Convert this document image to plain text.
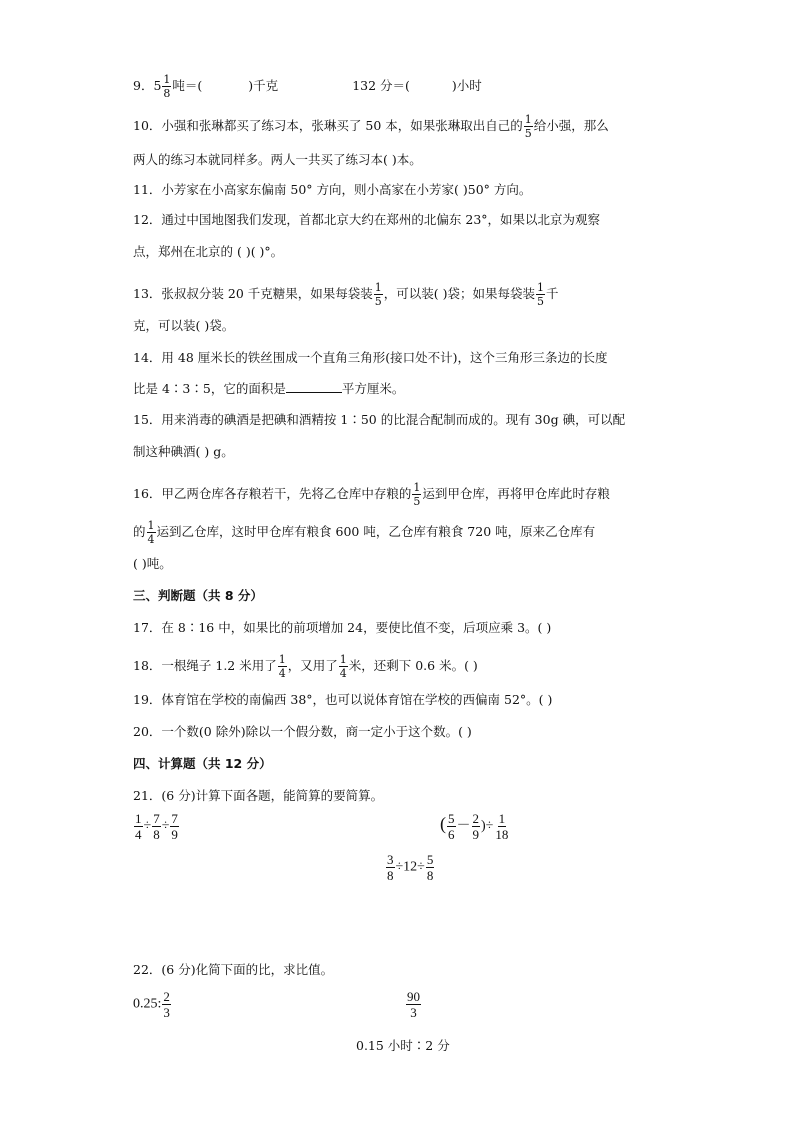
9．$5 \frac{1}{8}$ 吨＝(	)千克	132 分＝(	)小时
10．小强和张琳都买了练习本，张琳买了 50 本，如果张琳取出自己的 $\frac{1}{5}$ 给小强，那么
两人的练习本就同样多。两人一共买了练习本( )本。
11．小芳家在小高家东偏南 50° 方向，则小高家在小芳家( )50° 方向。
12．通过中国地图我们发现，首都北京大约在郑州的北偏东 23°，如果以北京为观察
点，郑州在北京的 ( )( )°。
13．张叔叔分装 20 千克糖果，如果每袋装 $\frac{1}{5}$ ，可以装( )袋；如果每袋装 $\frac{1}{5}$ 千
克，可以装( )袋。
14．用 48 厘米长的铁丝围成一个直角三角形(接口处不计)，这个三角形三条边的长度
比是 4∶3∶5，它的面积是	平方厘米。
15．用来消毒的碘酒是把碘和酒精按 1∶50 的比混合配制而成的。现有 30g 碘，可以配
制这种碘酒( ) g。
16．甲乙两仓库各存粮若干，先将乙仓库中存粮的 $\frac{1}{5}$ 运到甲仓库，再将甲仓库此时存粮
的 $\frac{1}{4}$ 运到乙仓库，这时甲仓库有粮食 600 吨，乙仓库有粮食 720 吨，原来乙仓库有
( )吨。
三、判断题（共 8 分）
17．在 8∶16 中，如果比的前项增加 24，要使比值不变，后项应乘 3。( )
18．一根绳子 1.2 米用了 $\frac{1}{4}$ ，又用了 $\frac{1}{4}$ 米，还剩下 0.6 米。( )
19．体育馆在学校的南偏西 38°，也可以说体育馆在学校的西偏南 52°。( )
20．一个数(0 除外)除以一个假分数，商一定小于这个数。( )
四、计算题（共 12 分）
21．(6 分)计算下面各题，能简算的要简算。
$\frac{1}{4} \div \frac{7}{8} \div \frac{7}{9}$	( $\frac{5}{6} - \frac{2}{9}$ )÷ $\frac{1}{18}$
$\frac{3}{8} \div 12\div \frac{5}{8}$
22．(6 分)化简下面的比，求比值。
0.25: $\frac{2}{3}$	$\frac{90}{3}$
0.15 小时∶2 分
